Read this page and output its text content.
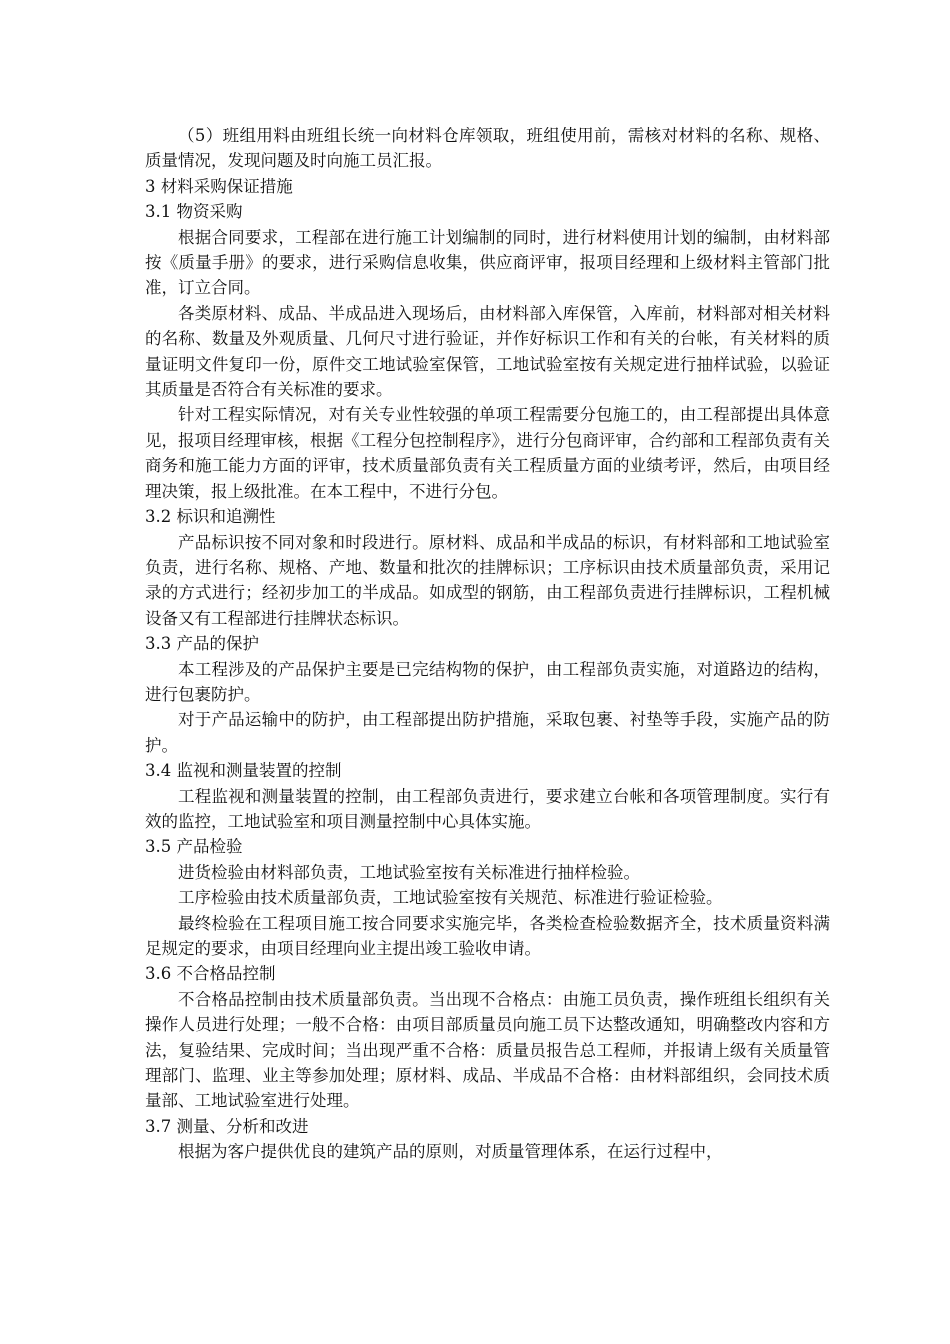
（5）班组用料由班组长统一向材料仓库领取，班组使用前，需核对材料的名称、规格、质量情况，发现问题及时向施工员汇报。

3 材料采购保证措施

3.1 物资采购

根据合同要求，工程部在进行施工计划编制的同时，进行材料使用计划的编制，由材料部按《质量手册》的要求，进行采购信息收集，供应商评审，报项目经理和上级材料主管部门批准，订立合同。

各类原材料、成品、半成品进入现场后，由材料部入库保管，入库前，材料部对相关材料的名称、数量及外观质量、几何尺寸进行验证，并作好标识工作和有关的台帐，有关材料的质量证明文件复印一份，原件交工地试验室保管，工地试验室按有关规定进行抽样试验，以验证其质量是否符合有关标准的要求。

针对工程实际情况，对有关专业性较强的单项工程需要分包施工的，由工程部提出具体意见，报项目经理审核，根据《工程分包控制程序》，进行分包商评审，合约部和工程部负责有关商务和施工能力方面的评审，技术质量部负责有关工程质量方面的业绩考评，然后，由项目经理决策，报上级批准。在本工程中，不进行分包。

3.2 标识和追溯性

产品标识按不同对象和时段进行。原材料、成品和半成品的标识，有材料部和工地试验室负责，进行名称、规格、产地、数量和批次的挂牌标识；工序标识由技术质量部负责，采用记录的方式进行；经初步加工的半成品。如成型的钢筋，由工程部负责进行挂牌标识，工程机械设备又有工程部进行挂牌状态标识。

3.3 产品的保护

本工程涉及的产品保护主要是已完结构物的保护，由工程部负责实施，对道路边的结构，进行包裹防护。

对于产品运输中的防护，由工程部提出防护措施，采取包裹、衬垫等手段，实施产品的防护。

3.4 监视和测量装置的控制

工程监视和测量装置的控制，由工程部负责进行，要求建立台帐和各项管理制度。实行有效的监控，工地试验室和项目测量控制中心具体实施。

3.5 产品检验

进货检验由材料部负责，工地试验室按有关标准进行抽样检验。

工序检验由技术质量部负责，工地试验室按有关规范、标准进行验证检验。

最终检验在工程项目施工按合同要求实施完毕，各类检查检验数据齐全，技术质量资料满足规定的要求，由项目经理向业主提出竣工验收申请。

3.6 不合格品控制

不合格品控制由技术质量部负责。当出现不合格点：由施工员负责，操作班组长组织有关操作人员进行处理；一般不合格：由项目部质量员向施工员下达整改通知，明确整改内容和方法，复验结果、完成时间；当出现严重不合格：质量员报告总工程师，并报请上级有关质量管理部门、监理、业主等参加处理；原材料、成品、半成品不合格：由材料部组织，会同技术质量部、工地试验室进行处理。

3.7 测量、分析和改进

根据为客户提供优良的建筑产品的原则，对质量管理体系，在运行过程中，
